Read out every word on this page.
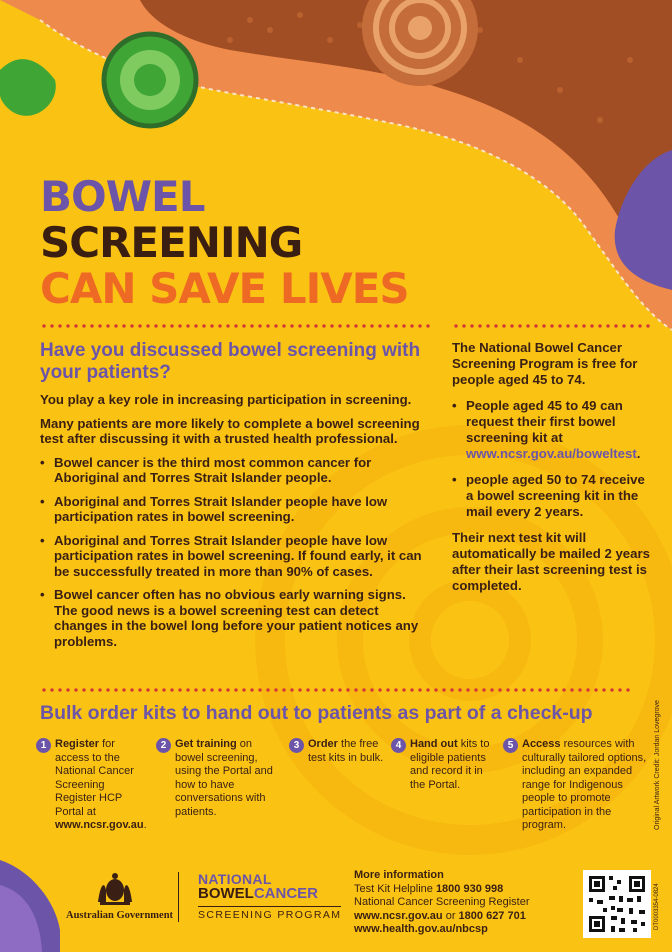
BOWEL
SCREENING
CAN SAVE LIVES
Have you discussed bowel screening with your patients?

You play a key role in increasing participation in screening.

Many patients are more likely to complete a bowel screening test after discussing it with a trusted health professional.

• Bowel cancer is the third most common cancer for Aboriginal and Torres Strait Islander people.
• Aboriginal and Torres Strait Islander people have low participation rates in bowel screening.
• Aboriginal and Torres Strait Islander people have low participation rates in bowel screening. If found early, it can be successfully treated in more than 90% of cases.
• Bowel cancer often has no obvious early warning signs. The good news is a bowel screening test can detect changes in the bowel long before your patient notices any problems.

The National Bowel Cancer Screening Program is free for people aged 45 to 74.

• People aged 45 to 49 can request their first bowel screening kit at www.ncsr.gov.au/boweltest.
• people aged 50 to 74 receive a bowel screening kit in the mail every 2 years.

Their next test kit will automatically be mailed 2 years after their last screening test is completed.

Bulk order kits to hand out to patients as part of a check-up
1 Register for access to the National Cancer Screening Register HCP Portal at www.ncsr.gov.au.
2 Get training on bowel screening, using the Portal and how to have conversations with patients.
3 Order the free test kits in bulk.
4 Hand out kits to eligible patients and record it in the Portal.
5 Access resources with culturally tailored options, including an expanded range for Indigenous people to promote participation in the program.
Australian Government
NATIONAL
BOWELCANCER
SCREENING PROGRAM
More information
Test Kit Helpline 1800 930 998
National Cancer Screening Register
www.ncsr.gov.au or 1800 627 701
www.health.gov.au/nbcsp
Original Artwork Credit: Jordan Lovegrove
DT0003354-0824
